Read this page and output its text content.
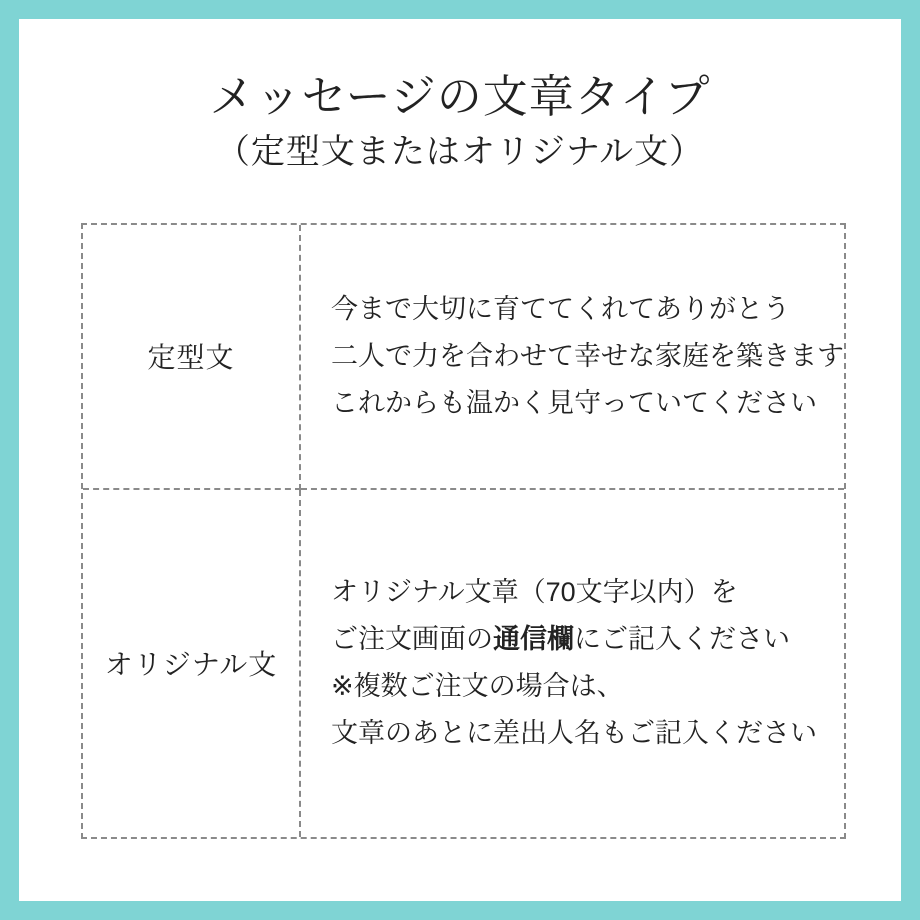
メッセージの文章タイプ
（定型文またはオリジナル文）
定型文
今まで大切に育ててくれてありがとう
二人で力を合わせて幸せな家庭を築きます
これからも温かく見守っていてください
オリジナル文
オリジナル文章（70文字以内）を
ご注文画面の通信欄にご記入ください
※複数ご注文の場合は、
文章のあとに差出人名もご記入ください
